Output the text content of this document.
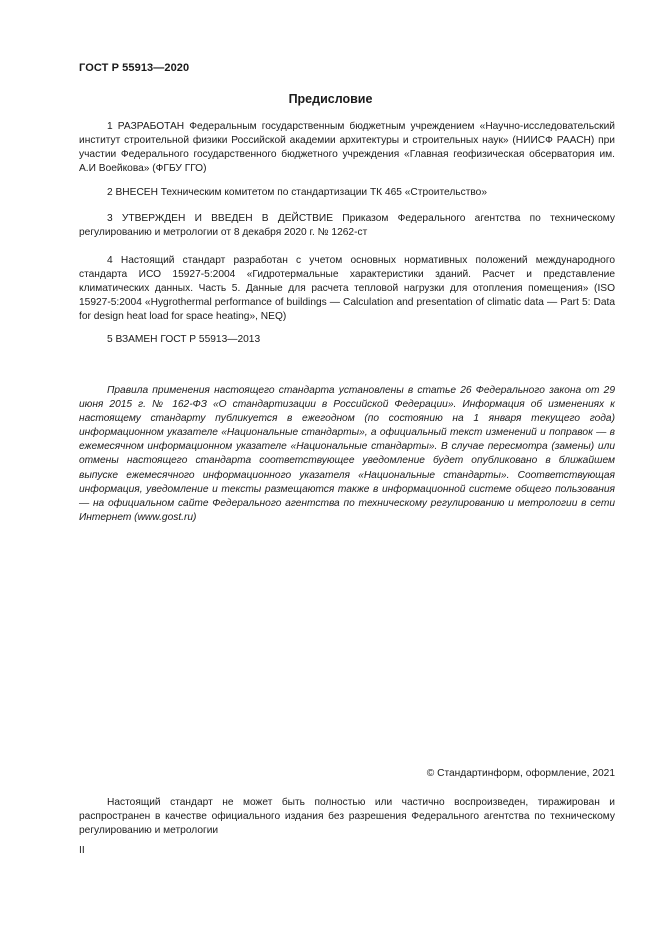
ГОСТ Р 55913—2020
Предисловие

1 РАЗРАБОТАН Федеральным государственным бюджетным учреждением «Научно-исследовательский институт строительной физики Российской академии архитектуры и строительных наук» (НИИСФ РААСН) при участии Федерального государственного бюджетного учреждения «Главная геофизическая обсерватория им. А.И Воейкова» (ФГБУ ГГО)

2 ВНЕСЕН Техническим комитетом по стандартизации ТК 465 «Строительство»

3 УТВЕРЖДЕН И ВВЕДЕН В ДЕЙСТВИЕ Приказом Федерального агентства по техническому регулированию и метрологии от 8 декабря 2020 г. № 1262-ст

4 Настоящий стандарт разработан с учетом основных нормативных положений международного стандарта ИСО 15927-5:2004 «Гидротермальные характеристики зданий. Расчет и представление климатических данных. Часть 5. Данные для расчета тепловой нагрузки для отопления помещения» (ISO 15927-5:2004 «Hygrothermal performance of buildings — Calculation and presentation of climatic data — Part 5: Data for design heat load for space heating», NEQ)

5 ВЗАМЕН ГОСТ Р 55913—2013

Правила применения настоящего стандарта установлены в статье 26 Федерального закона от 29 июня 2015 г. № 162-ФЗ «О стандартизации в Российской Федерации». Информация об изменениях к настоящему стандарту публикуется в ежегодном (по состоянию на 1 января текущего года) информационном указателе «Национальные стандарты», а официальный текст изменений и поправок — в ежемесячном информационном указателе «Национальные стандарты». В случае пересмотра (замены) или отмены настоящего стандарта соответствующее уведомление будет опубликовано в ближайшем выпуске ежемесячного информационного указателя «Национальные стандарты». Соответствующая информация, уведомление и тексты размещаются также в информационной системе общего пользования — на официальном сайте Федерального агентства по техническому регулированию и метрологии в сети Интернет (www.gost.ru)

© Стандартинформ, оформление, 2021

Настоящий стандарт не может быть полностью или частично воспроизведен, тиражирован и распространен в качестве официального издания без разрешения Федерального агентства по техническому регулированию и метрологии

II
